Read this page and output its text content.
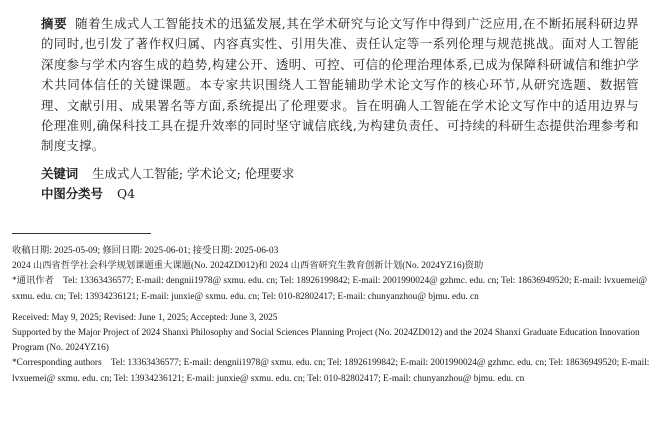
摘要 随着生成式人工智能技术的迅猛发展,其在学术研究与论文写作中得到广泛应用,在不断拓展科研边界的同时,也引发了著作权归属、内容真实性、引用失准、责任认定等一系列伦理与规范挑战。面对人工智能深度参与学术内容生成的趋势,构建公开、透明、可控、可信的伦理治理体系,已成为保障科研诚信和维护学术共同体信任的关键课题。本专家共识围绕人工智能辅助学术论文写作的核心环节,从研究选题、数据管理、文献引用、成果署名等方面,系统提出了伦理要求。旨在明确人工智能在学术论文写作中的适用边界与伦理准则,确保科技工具在提升效率的同时坚守诚信底线,为构建负责任、可持续的科研生态提供治理参考和制度支撑。
关键词 生成式人工智能; 学术论文; 伦理要求
中图分类号 Q4

收稿日期: 2025-05-09; 修回日期: 2025-06-01; 接受日期: 2025-06-03

2024 山西省哲学社会科学规划课题重大课题(No. 2024ZD012)和 2024 山西省研究生教育创新计划(No. 2024YZ16)资助

*通讯作者　Tel: 13363436577; E-mail: dengnii1978@ sxmu. edu. cn; Tel: 18926199842; E-mail: 2001990024@ gzhmc. edu. cn; Tel: 18636949520; E-mail: lvxuemei@ sxmu. edu. cn; Tel: 13934236121; E-mail: junxie@ sxmu. edu. cn; Tel: 010-82802417; E-mail: chunyanzhou@ bjmu. edu. cn

Received: May 9, 2025; Revised: June 1, 2025; Accepted: June 3, 2025

Supported by the Major Project of 2024 Shanxi Philosophy and Social Sciences Planning Project (No. 2024ZD012) and the 2024 Shanxi Graduate Education Innovation Program (No. 2024YZ16)

*Corresponding authors　Tel: 13363436577; E-mail: dengnii1978@ sxmu. edu. cn; Tel: 18926199842; E-mail: 2001990024@ gzhmc. edu. cn; Tel: 18636949520; E-mail: lvxuemei@ sxmu. edu. cn; Tel: 13934236121; E-mail: junxie@ sxmu. edu. cn; Tel: 010-82802417; E-mail: chunyanzhou@ bjmu. edu. cn
